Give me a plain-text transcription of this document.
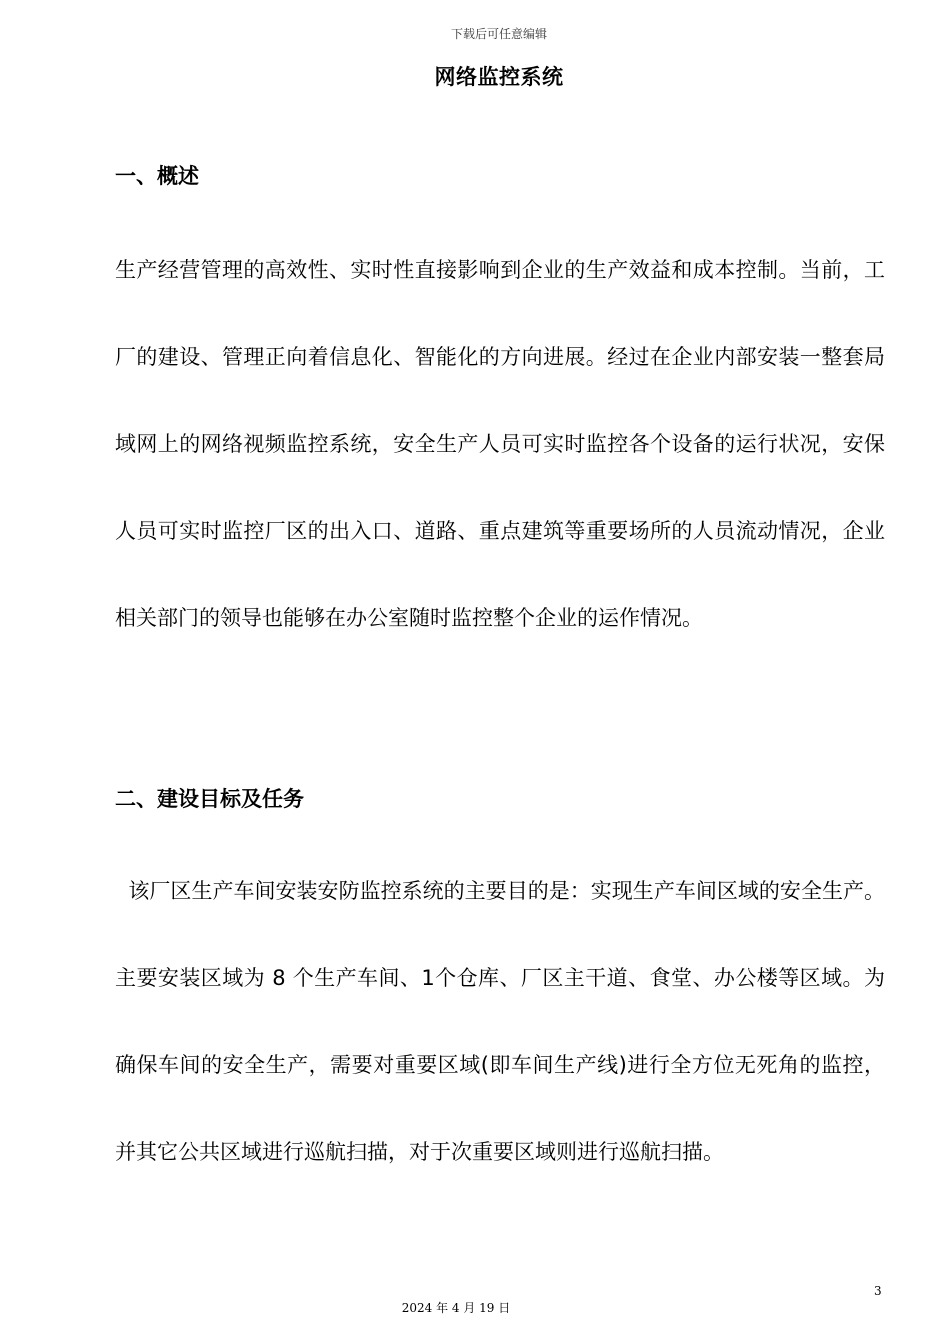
下载后可任意编辑
网络监控系统
一、概述

生产经营管理的高效性、实时性直接影响到企业的生产效益和成本控制。当前，工厂的建设、管理正向着信息化、智能化的方向进展。经过在企业内部安装一整套局域网上的网络视频监控系统，安全生产人员可实时监控各个设备的运行状况，安保人员可实时监控厂区的出入口、道路、重点建筑等重要场所的人员流动情况，企业相关部门的领导也能够在办公室随时监控整个企业的运作情况。

二、建设目标及任务

该厂区生产车间安装安防监控系统的主要目的是：实现生产车间区域的安全生产。主要安装区域为 8 个生产车间、1个仓库、厂区主干道、食堂、办公楼等区域。为确保车间的安全生产，需要对重要区域(即车间生产线)进行全方位无死角的监控，并其它公共区域进行巡航扫描，对于次重要区域则进行巡航扫描。

3
2024 年 4 月 19 日
